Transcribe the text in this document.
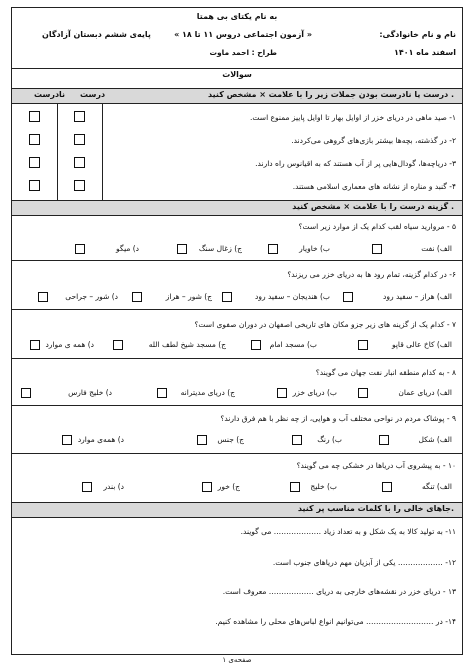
به نام یکتای بی همتا
نام و نام خانوادگی:
« آزمون اجتماعی دروس ۱۱ تا ۱۸ »
پایه‌ی ششم دبستان آزادگان
اسفند ماه ۱۴۰۱
طراح : احمد ماوت
سوالات
درست یا نادرست بودن جملات زیر را با علامت × مشخص کنید .
درست
نادرست
۱- صید ماهی در دریای خزر از اوایل بهار تا اوایل پاییز ممنوع است.
۲- در گذشته، بچه‌ها بیشتر بازی‌های گروهی می‌کردند.
۳- دریاچه‌ها، گودال‌هایی پر از آب هستند که به اقیانوس راه دارند.
۴- گنبد و مناره از نشانه های معماری اسلامی هستند.
گزینه درست را با علامت × مشخص کنید .
۵ - مروارید سیاه لقب کدام یک از موارد زیر است؟
الف) نفت
ب) خاویار
ج) زغال سنگ
د) میگو
۶- در کدام گزینه، تمام رود ها به دریای خزر می ریزند؟
الف) هراز – سفید رود
ب) هندیجان – سفید رود
ج) شور – هراز
د) شور – جراحی
۷ - کدام یک از گزینه های زیر جزو مکان های تاریخی اصفهان در دوران صفوی است؟
الف) کاخ عالی قاپو
ب) مسجد امام
ج) مسجد شیخ لطف الله
د) همه ی موارد
۸ - به کدام منطقه انبار نفت جهان می گویند؟
الف) دریای عمان
ب) دریای خزر
ج) دریای مدیترانه
د) خلیج فارس
۹ - پوشاک مردم در نواحی مختلف آب و هوایی، از چه نظر با هم فرق دارند؟
الف) شکل
ب) رنگ
ج) جنس
د) همه‌ی موارد
۱۰ - به پیشروی آب دریاها در خشکی چه می گویند؟
الف) تنگه
ب) خلیج
ج) خور
د) بندر
جاهای خالی را با کلمات مناسب پر کنید.
۱۱- به تولید کالا به یک شکل و به تعداد زیاد ………………. می گویند.
۱۲- ……………… یکی از آبزیان مهم دریاهای جنوب است.
۱۳ - دریای خزر در نقشه‌های خارجی به دریای ……………… معروف است.
۱۴- در ……………………… می‌توانیم انواع لباس‌های محلی را مشاهده کنیم.
صفحه‌ی ۱
